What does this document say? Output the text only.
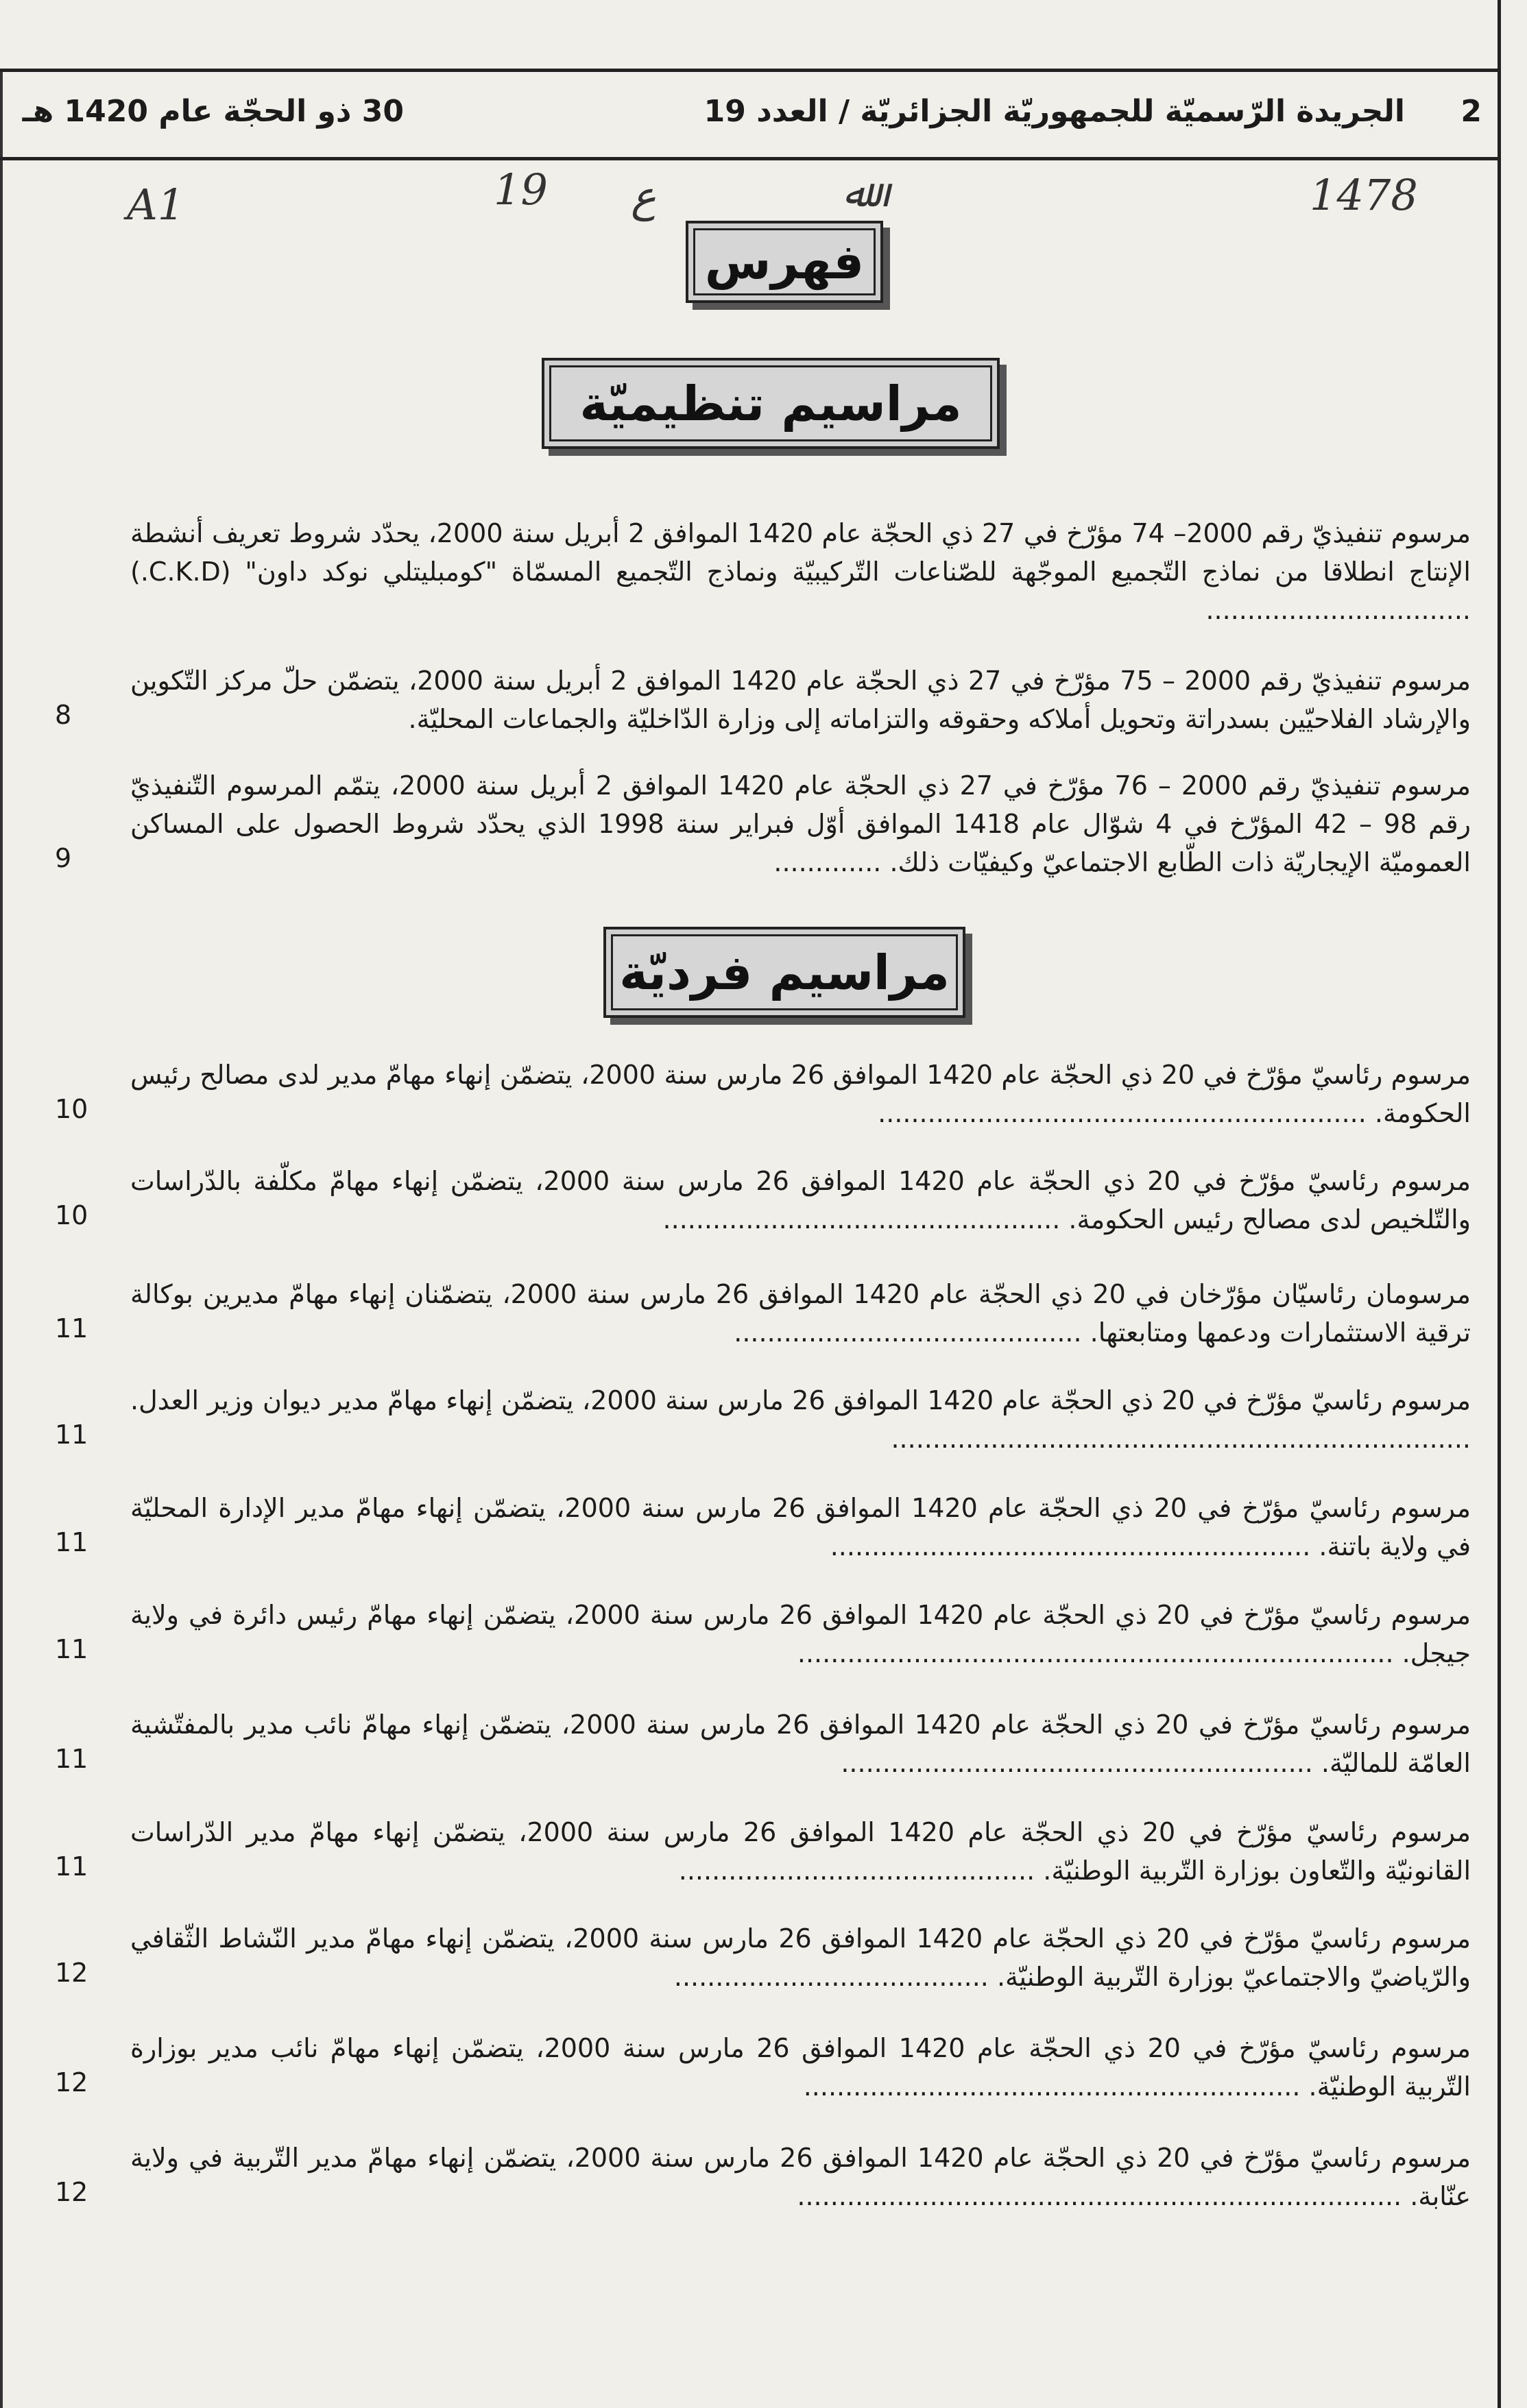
2
الجريدة الرّسميّة للجمهوريّة الجزائريّة / العدد 19
30 ذو الحجّة عام 1420 هـ
1478
ع
19
A1	ﷲ
فهرس
مراسيم تنظيميّة
مرسوم تنفيذيّ رقم 2000– 74 مؤرّخ في 27 ذي الحجّة عام 1420 الموافق 2 أبريل سنة 2000، يحدّد شروط تعريف أنشطة الإنتاج انطلاقا من نماذج التّجميع الموجّهة للصّناعات التّركيبيّة ونماذج التّجميع المسمّاة "كومبليتلي نوكد داون" (C.K.D.) ................................
مرسوم تنفيذيّ رقم 2000 – 75 مؤرّخ في 27 ذي الحجّة عام 1420 الموافق 2 أبريل سنة 2000، يتضمّن حلّ مركز التّكوين والإرشاد الفلاحيّين بسدراتة وتحويل أملاكه وحقوقه والتزاماته إلى وزارة الدّاخليّة والجماعات المحليّة.
8
مرسوم تنفيذيّ رقم 2000 – 76 مؤرّخ في 27 ذي الحجّة عام 1420 الموافق 2 أبريل سنة 2000، يتمّم المرسوم التّنفيذيّ رقم 98 – 42 المؤرّخ في 4 شوّال عام 1418 الموافق أوّل فبراير سنة 1998 الذي يحدّد شروط الحصول على المساكن العموميّة الإيجاريّة ذات الطّابع الاجتماعيّ وكيفيّات ذلك. .............
9
مراسيم فرديّة
مرسوم رئاسيّ مؤرّخ في 20 ذي الحجّة عام 1420 الموافق 26 مارس سنة 2000، يتضمّن إنهاء مهامّ مدير لدى مصالح رئيس الحكومة. ...........................................................
10
مرسوم رئاسيّ مؤرّخ في 20 ذي الحجّة عام 1420 الموافق 26 مارس سنة 2000، يتضمّن إنهاء مهامّ مكلّفة بالدّراسات والتّلخيص لدى مصالح رئيس الحكومة. ................................................
10
مرسومان رئاسيّان مؤرّخان في 20 ذي الحجّة عام 1420 الموافق 26 مارس سنة 2000، يتضمّنان إنهاء مهامّ مديرين بوكالة ترقية الاستثمارات ودعمها ومتابعتها. ..........................................
11
مرسوم رئاسيّ مؤرّخ في 20 ذي الحجّة عام 1420 الموافق 26 مارس سنة 2000، يتضمّن إنهاء مهامّ مدير ديوان وزير العدل. ......................................................................
11
مرسوم رئاسيّ مؤرّخ في 20 ذي الحجّة عام 1420 الموافق 26 مارس سنة 2000، يتضمّن إنهاء مهامّ مدير الإدارة المحليّة في ولاية باتنة. ..........................................................
11
مرسوم رئاسيّ مؤرّخ في 20 ذي الحجّة عام 1420 الموافق 26 مارس سنة 2000، يتضمّن إنهاء مهامّ رئيس دائرة في ولاية جيجل. ........................................................................
11
مرسوم رئاسيّ مؤرّخ في 20 ذي الحجّة عام 1420 الموافق 26 مارس سنة 2000، يتضمّن إنهاء مهامّ نائب مدير بالمفتّشية العامّة للماليّة. .........................................................
11
مرسوم رئاسيّ مؤرّخ في 20 ذي الحجّة عام 1420 الموافق 26 مارس سنة 2000، يتضمّن إنهاء مهامّ مدير الدّراسات القانونيّة والتّعاون بوزارة التّربية الوطنيّة. ...........................................
11
مرسوم رئاسيّ مؤرّخ في 20 ذي الحجّة عام 1420 الموافق 26 مارس سنة 2000، يتضمّن إنهاء مهامّ مدير النّشاط الثّقافي والرّياضيّ والاجتماعيّ بوزارة التّربية الوطنيّة. ......................................
12
مرسوم رئاسيّ مؤرّخ في 20 ذي الحجّة عام 1420 الموافق 26 مارس سنة 2000، يتضمّن إنهاء مهامّ نائب مدير بوزارة التّربية الوطنيّة. ............................................................
12
مرسوم رئاسيّ مؤرّخ في 20 ذي الحجّة عام 1420 الموافق 26 مارس سنة 2000، يتضمّن إنهاء مهامّ مدير التّربية في ولاية عنّابة. .........................................................................
12
